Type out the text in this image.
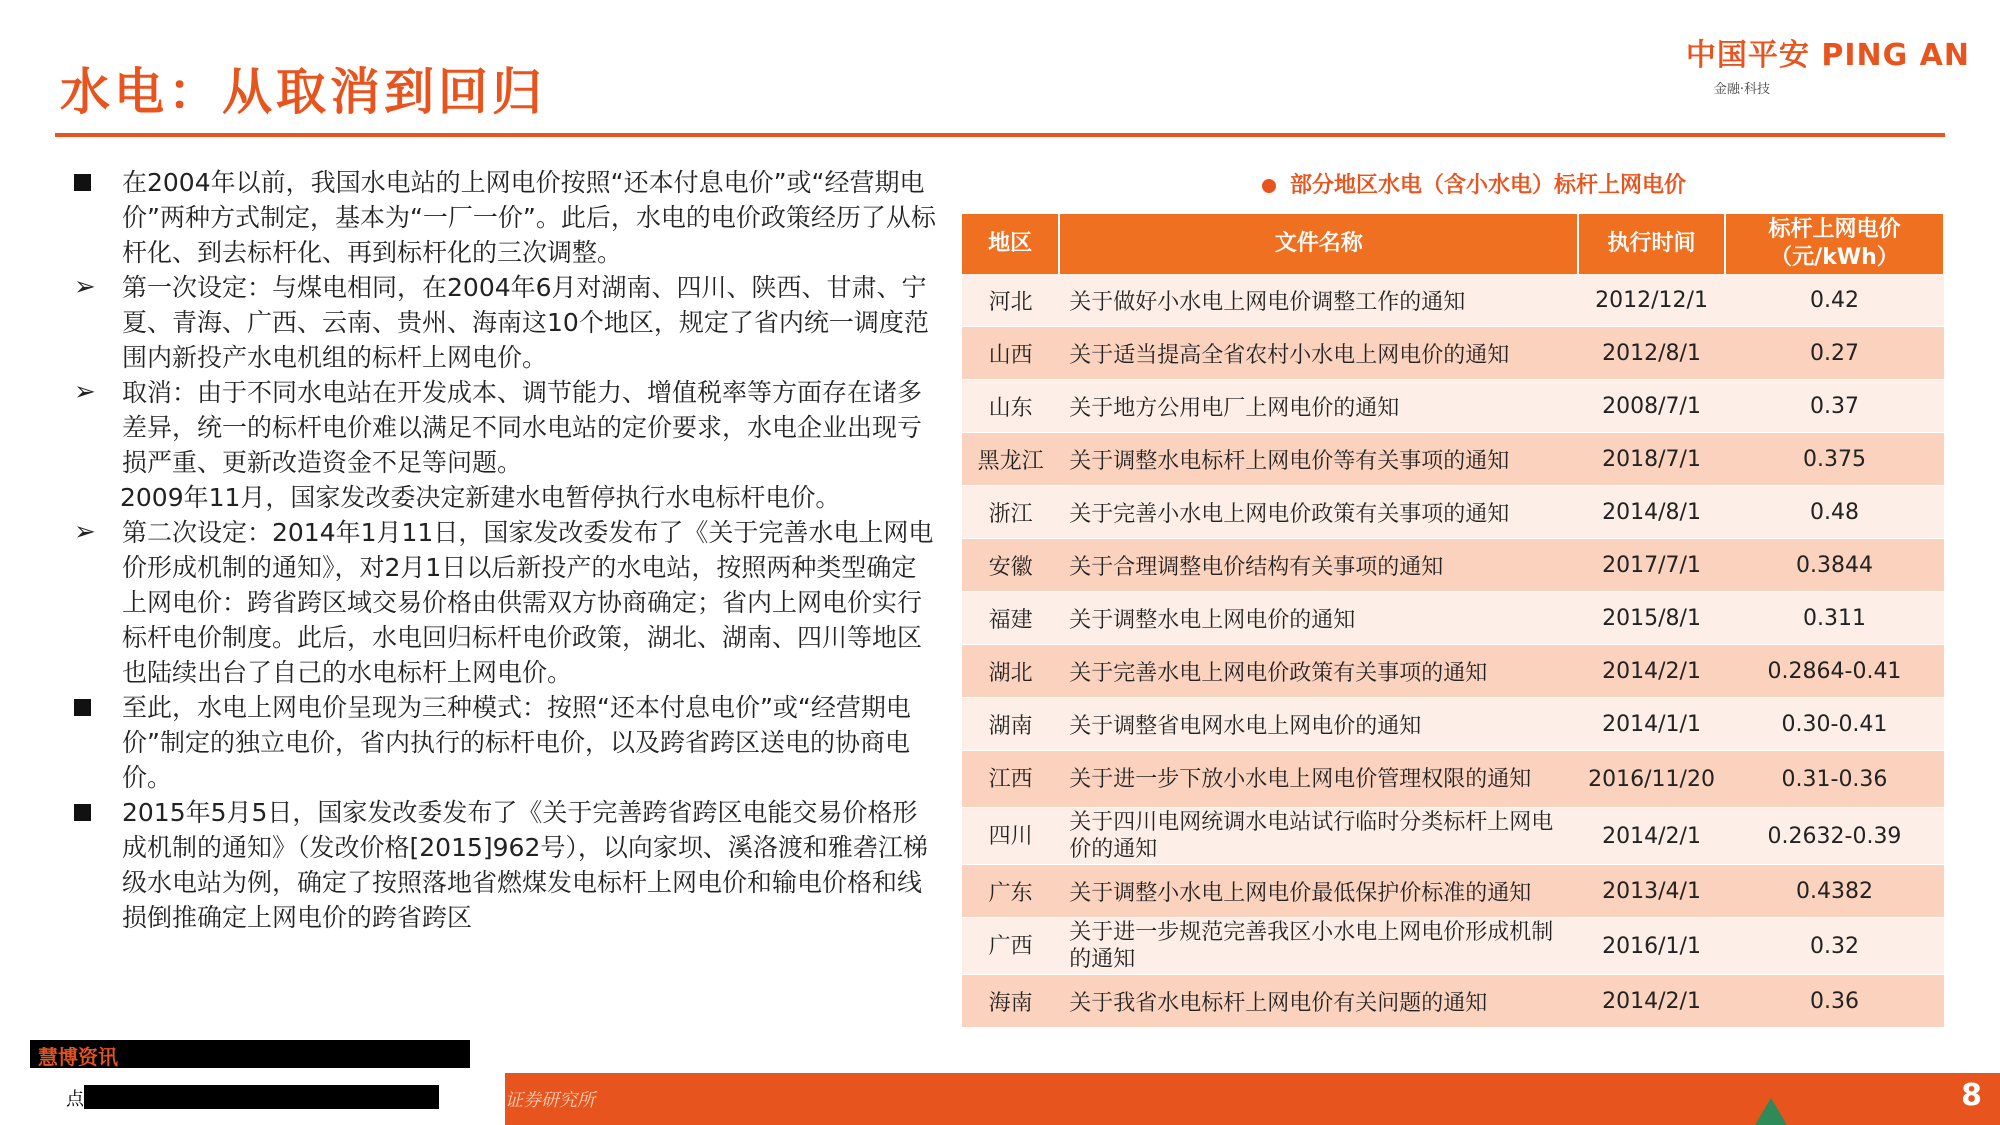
水电：从取消到回归
中国平安 PING AN
金融·科技

在2004年以前，我国水电站的上网电价按照“还本付息电价”或“经营期电价”两种方式制定，基本为“一厂一价”。此后，水电的电价政策经历了从标杆化、到去标杆化、再到标杆化的三次调整。

➢	第一次设定：与煤电相同，在2004年6月对湖南、四川、陕西、甘肃、宁夏、青海、广西、云南、贵州、海南这10个地区，规定了省内统一调度范围内新投产水电机组的标杆上网电价。

➢	取消：由于不同水电站在开发成本、调节能力、增值税率等方面存在诸多差异，统一的标杆电价难以满足不同水电站的定价要求，水电企业出现亏损严重、更新改造资金不足等问题。

2009年11月，国家发改委决定新建水电暂停执行水电标杆电价。

➢	第二次设定：2014年1月11日，国家发改委发布了《关于完善水电上网电价形成机制的通知》，对2月1日以后新投产的水电站，按照两种类型确定上网电价：跨省跨区域交易价格由供需双方协商确定；省内上网电价实行标杆电价制度。此后，水电回归标杆电价政策，湖北、湖南、四川等地区也陆续出台了自己的水电标杆上网电价。

至此，水电上网电价呈现为三种模式：按照“还本付息电价”或“经营期电价”制定的独立电价，省内执行的标杆电价，以及跨省跨区送电的协商电价。

2015年5月5日，国家发改委发布了《关于完善跨省跨区电能交易价格形成机制的通知》（发改价格[2015]962号），以向家坝、溪洛渡和雅砻江梯级水电站为例，确定了按照落地省燃煤发电标杆上网电价和输电价格和线损倒推确定上网电价的跨省跨区

部分地区水电（含小水电）标杆上网电价
地区	文件名称	执行时间	标杆上网电价（元/kWh）
河北	关于做好小水电上网电价调整工作的通知	2012/12/1	0.42
山西	关于适当提高全省农村小水电上网电价的通知	2012/8/1	0.27
山东	关于地方公用电厂上网电价的通知	2008/7/1	0.37
黑龙江	关于调整水电标杆上网电价等有关事项的通知	2018/7/1	0.375
浙江	关于完善小水电上网电价政策有关事项的通知	2014/8/1	0.48
安徽	关于合理调整电价结构有关事项的通知	2017/7/1	0.3844
福建	关于调整水电上网电价的通知	2015/8/1	0.311
湖北	关于完善水电上网电价政策有关事项的通知	2014/2/1	0.2864-0.41
湖南	关于调整省电网水电上网电价的通知	2014/1/1	0.30-0.41
江西	关于进一步下放小水电上网电价管理权限的通知	2016/11/20	0.31-0.36
四川	关于四川电网统调水电站试行临时分类标杆上网电价的通知	2014/2/1	0.2632-0.39
广东	关于调整小水电上网电价最低保护价标准的通知	2013/4/1	0.4382
广西	关于进一步规范完善我区小水电上网电价形成机制的通知	2016/1/1	0.32
海南	关于我省水电标杆上网电价有关问题的通知	2014/2/1	0.36
慧博资讯
点	证券研究所	8
